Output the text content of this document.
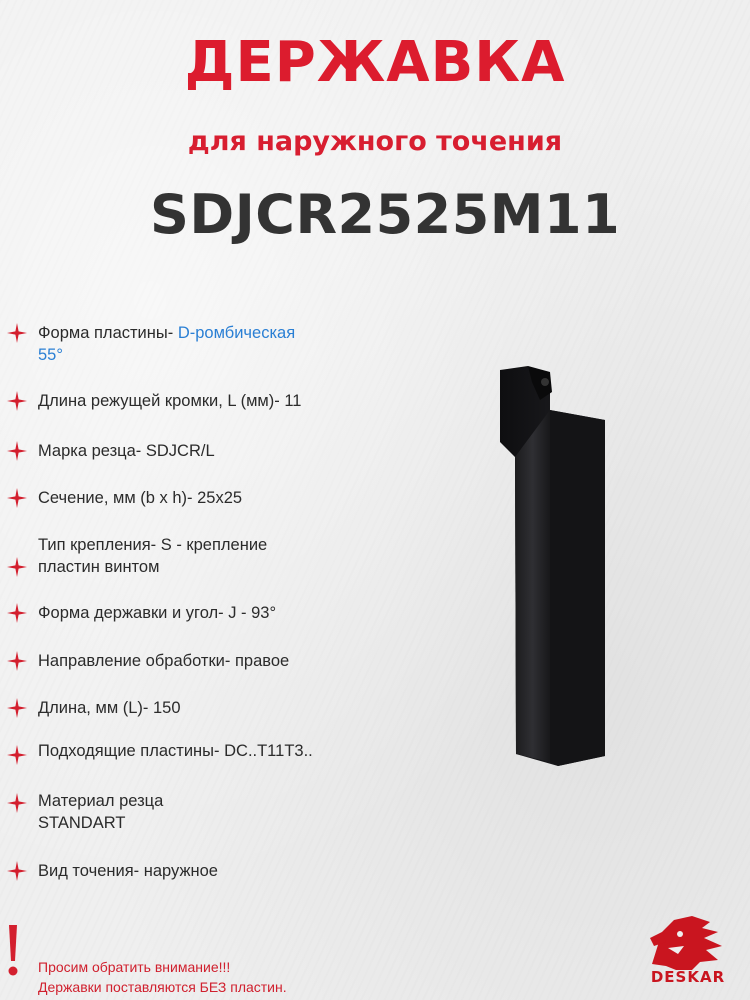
ДЕРЖАВКА
для наружного точения
SDJCR2525M11
Форма пластины- D-ромбическая
55°
Длина режущей кромки, L (мм)- 11
Марка резца- SDJCR/L
Сечение, мм (b x h)- 25x25
Тип крепления- S - крепление
пластин винтом
Форма державки и угол- J - 93°
Направление обработки- правое
Длина, мм (L)- 150
Подходящие пластины- DC..T11T3..
Материал резца
STANDART
Вид точения- наружное
Просим обратить внимание!!!
Державки поставляются БЕЗ пластин.
DESKAR
